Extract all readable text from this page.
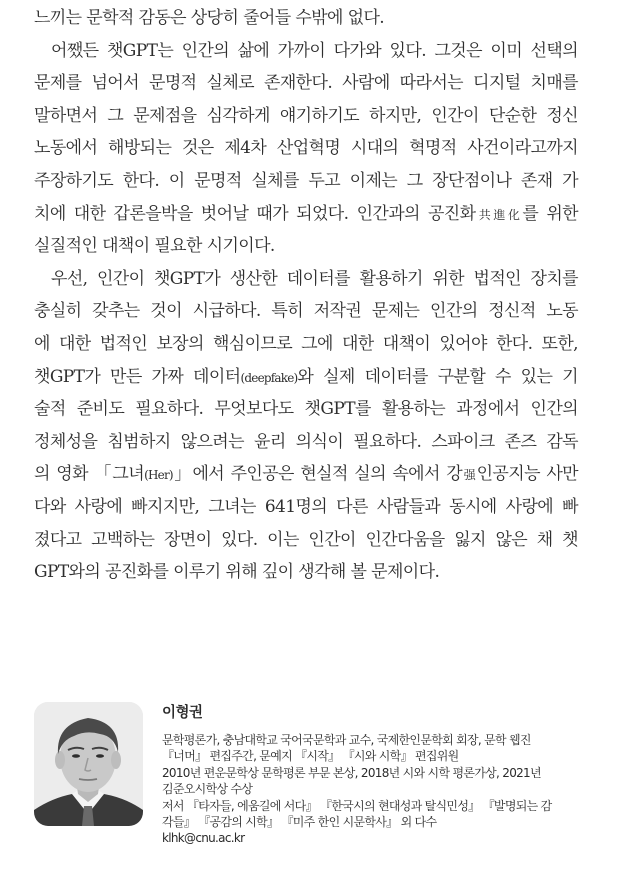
느끼는 문학적 감동은 상당히 줄어들 수밖에 없다.
어쨌든 챗GPT는 인간의 삶에 가까이 다가와 있다. 그것은 이미 선택의
문제를 넘어서 문명적 실체로 존재한다. 사람에 따라서는 디지털 치매를
말하면서 그 문제점을 심각하게 얘기하기도 하지만, 인간이 단순한 정신
노동에서 해방되는 것은 제4차 산업혁명 시대의 혁명적 사건이라고까지
주장하기도 한다. 이 문명적 실체를 두고 이제는 그 장단점이나 존재 가
치에 대한 갑론을박을 벗어날 때가 되었다. 인간과의 공진화共進化를 위한
실질적인 대책이 필요한 시기이다.
우선, 인간이 챗GPT가 생산한 데이터를 활용하기 위한 법적인 장치를
충실히 갖추는 것이 시급하다. 특히 저작권 문제는 인간의 정신적 노동
에 대한 법적인 보장의 핵심이므로 그에 대한 대책이 있어야 한다. 또한,
챗GPT가 만든 가짜 데이터(deepfake)와 실제 데이터를 구분할 수 있는 기
술적 준비도 필요하다. 무엇보다도 챗GPT를 활용하는 과정에서 인간의
정체성을 침범하지 않으려는 윤리 의식이 필요하다. 스파이크 존즈 감독
의 영화 「그녀(Her)」에서 주인공은 현실적 실의 속에서 강强인공지능 사만
다와 사랑에 빠지지만, 그녀는 641명의 다른 사람들과 동시에 사랑에 빠
졌다고 고백하는 장면이 있다. 이는 인간이 인간다움을 잃지 않은 채 챗
GPT와의 공진화를 이루기 위해 깊이 생각해 볼 문제이다.
이형권
문학평론가, 충남대학교 국어국문학과 교수, 국제한인문학회 회장, 문학 웹진
『너머』 편집주간, 문예지 『시작』 『시와 시학』 편집위원
2010년 편운문학상 문학평론 부문 본상, 2018년 시와 시학 평론가상, 2021년
김준오시학상 수상
저서 『타자들, 에움길에 서다』 『한국시의 현대성과 탈식민성』 『발명되는 감
각들』 『공감의 시학』 『미주 한인 시문학사』 외 다수
klhk@cnu.ac.kr
